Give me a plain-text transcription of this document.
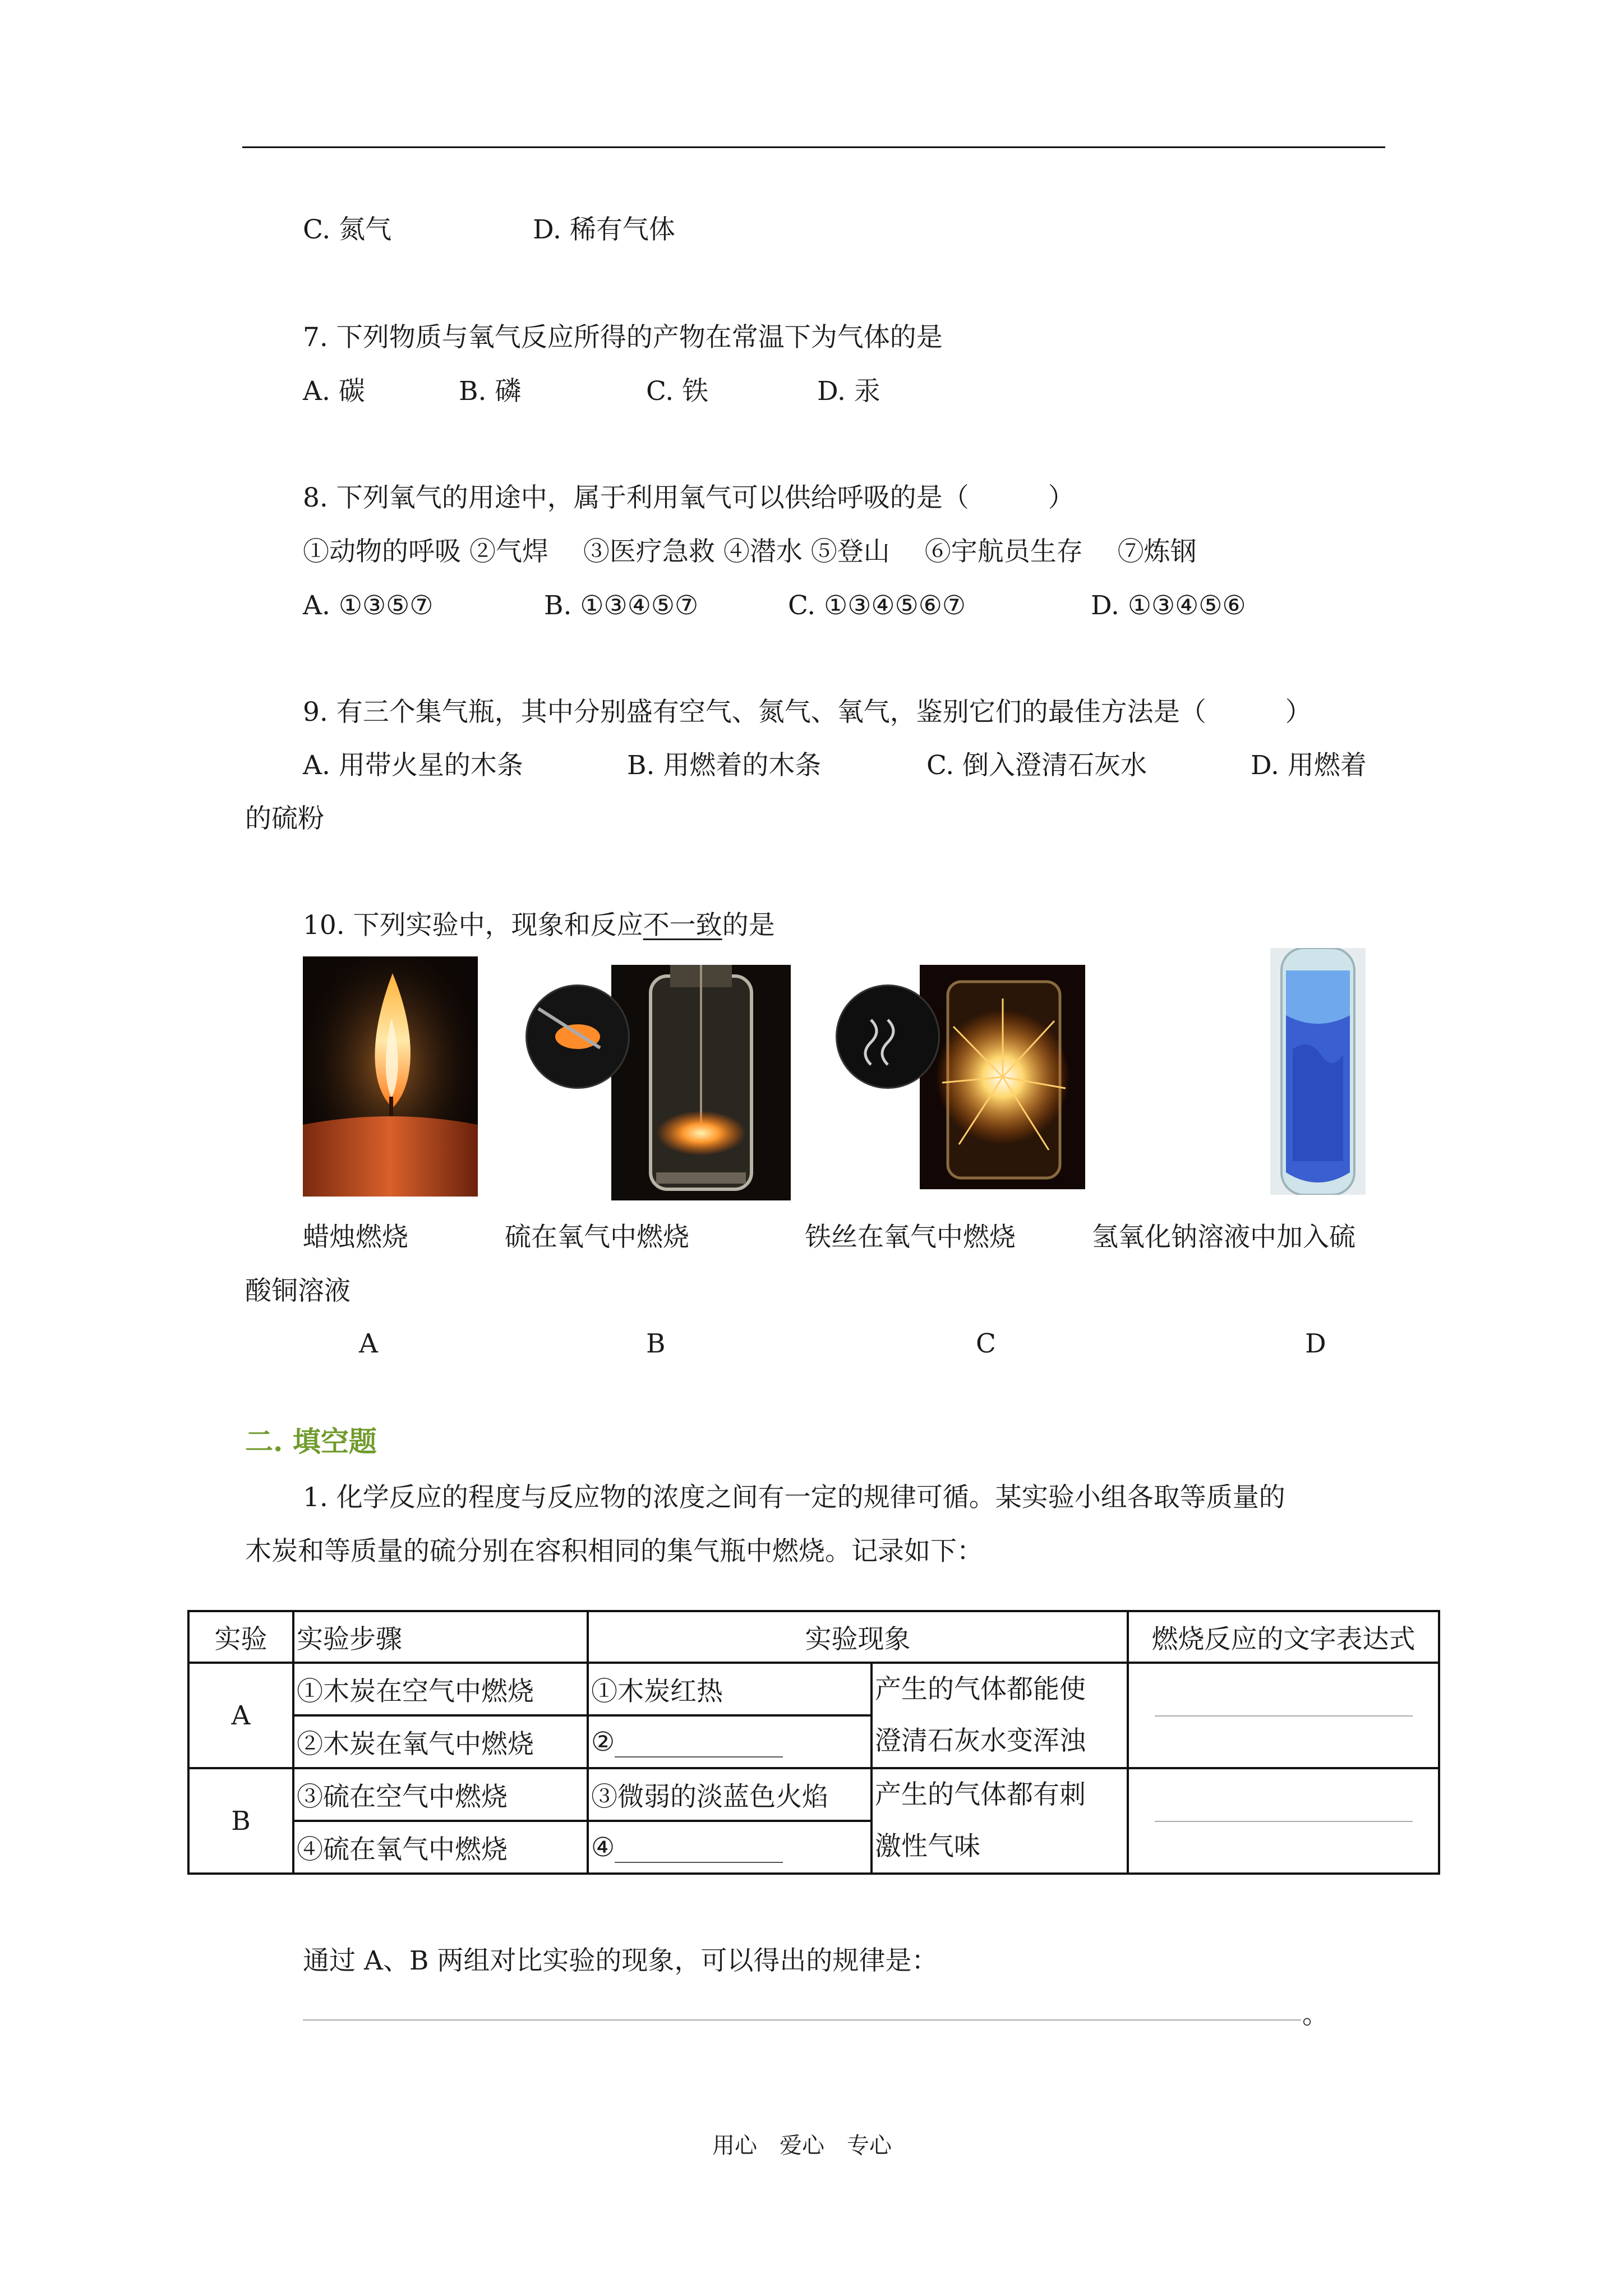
C. 氮气	D. 稀有气体
7. 下列物质与氧气反应所得的产物在常温下为气体的是
A. 碳	B. 磷	C. 铁	D. 汞
8. 下列氧气的用途中，属于利用氧气可以供给呼吸的是（　　　）
①动物的呼吸 ②气焊　 ③医疗急救 ④潜水 ⑤登山　 ⑥宇航员生存　 ⑦炼钢
A. ①③⑤⑦	B. ①③④⑤⑦	C. ①③④⑤⑥⑦	D. ①③④⑤⑥
9. 有三个集气瓶，其中分别盛有空气、氮气、氧气，鉴别它们的最佳方法是（　　　）
A. 用带火星的木条	B. 用燃着的木条	C. 倒入澄清石灰水	D. 用燃着
的硫粉
10. 下列实验中，现象和反应不一致的是
蜡烛燃烧	硫在氧气中燃烧	铁丝在氧气中燃烧	氢氧化钠溶液中加入硫
酸铜溶液
A	B	C	D
二. 填空题
1. 化学反应的程度与反应物的浓度之间有一定的规律可循。某实验小组各取等质量的
木炭和等质量的硫分别在容积相同的集气瓶中燃烧。记录如下：
实验	实验步骤	实验现象		燃烧反应的文字表达式
A	①木炭在空气中燃烧	①木炭红热	产生的气体都能使
澄清石灰水变浑浊	

	②木炭在氧气中燃烧	②		
B	③硫在空气中燃烧	③微弱的淡蓝色火焰	产生的气体都有刺
激性气味	

	④硫在氧气中燃烧	④		
通过 A、B 两组对比实验的现象，可以得出的规律是：
。
用心　爱心　专心
